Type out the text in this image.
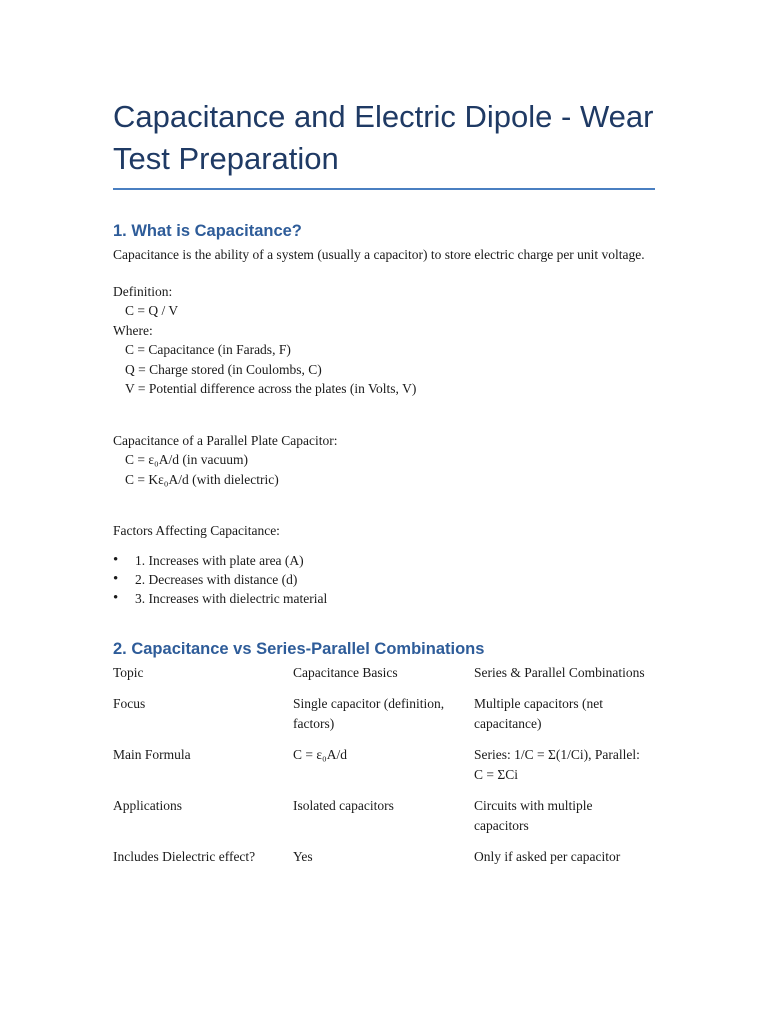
Capacitance and Electric Dipole - Wear Test Preparation
1. What is Capacitance?

Capacitance is the ability of a system (usually a capacitor) to store electric charge per unit voltage.

Definition:

C = Q / V

Where:

C = Capacitance (in Farads, F)

Q = Charge stored (in Coulombs, C)

V = Potential difference across the plates (in Volts, V)

Capacitance of a Parallel Plate Capacitor:

C = ε₀A/d (in vacuum)

C = Kε₀A/d (with dielectric)

Factors Affecting Capacitance:

• 1. Increases with plate area (A)
• 2. Decreases with distance (d)
• 3. Increases with dielectric material
2. Capacitance vs Series-Parallel Combinations
Topic	Capacitance Basics	Series & Parallel Combinations
Focus	Single capacitor (definition, factors)	Multiple capacitors (net capacitance)
Main Formula	C = ε₀A/d	Series: 1/C = Σ(1/Ci), Parallel: C = ΣCi
Applications	Isolated capacitors	Circuits with multiple capacitors
Includes Dielectric effect?	Yes	Only if asked per capacitor
